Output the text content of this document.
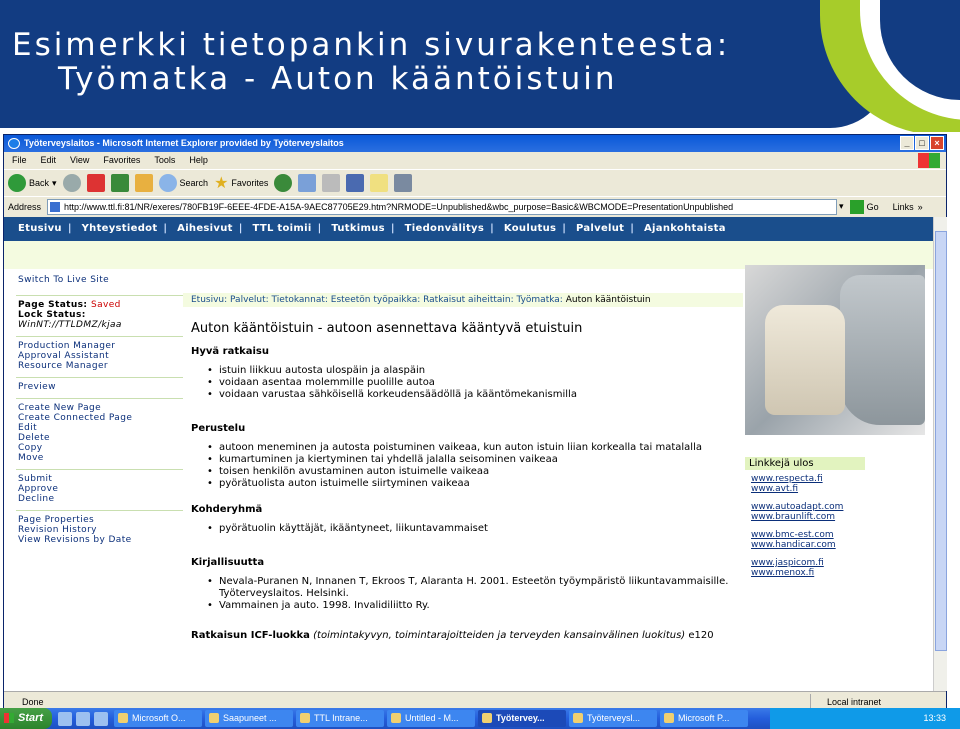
Esimerkki tietopankin sivurakenteesta:
Työmatka - Auton kääntöistuin
Työterveyslaitos - Microsoft Internet Explorer provided by Työterveyslaitos	_	□	×
File	Edit	View	Favorites	Tools	Help
Back ▾	Search ★ Favorites
Address	http://www.ttl.fi:81/NR/exeres/780FB19F-6EEE-4FDE-A15A-9AEC87705E29.htm?NRMODE=Unpublished&wbc_purpose=Basic&WBCMODE=PresentationUnpublished	▾	Go Links »
Etusivu | Yhteystiedot | Aihesivut | TTL toimii | Tutkimus | Tiedonvälitys | Koulutus | Palvelut | Ajankohtaista
Switch To Live Site
Page Status: Saved
Lock Status:
WinNT://TTLDMZ/kjaa
Production Manager
Approval Assistant
Resource Manager
Preview
Create New Page
Create Connected Page
Edit
Delete
Copy
Move
Submit
Approve
Decline
Page Properties
Revision History
View Revisions by Date
Etusivu: Palvelut: Tietokannat: Esteetön työpaikka: Ratkaisut aiheittain: Työmatka: Auton kääntöistuin
Auton kääntöistuin - autoon asennettava kääntyvä etuistuin
Hyvä ratkaisu
• istuin liikkuu autosta ulospäin ja alaspäin
• voidaan asentaa molemmille puolille autoa
• voidaan varustaa sähköisellä korkeudensäädöllä ja kääntömekanismilla
Perustelu
• autoon meneminen ja autosta poistuminen vaikeaa, kun auton istuin liian korkealla tai matalalla
• kumartuminen ja kiertyminen tai yhdellä jalalla seisominen vaikeaa
• toisen henkilön avustaminen auton istuimelle vaikeaa
• pyörätuolista auton istuimelle siirtyminen vaikeaa
Kohderyhmä
• pyörätuolin käyttäjät, ikääntyneet, liikuntavammaiset
Kirjallisuutta
• Nevala-Puranen N, Innanen T, Ekroos T, Alaranta H. 2001. Esteetön työympäristö liikuntavammaisille. Työterveyslaitos. Helsinki.
• Vammainen ja auto. 1998. Invalidiliitto Ry.
Ratkaisun ICF-luokka (toimintakyvyn, toimintarajoitteiden ja terveyden kansainvälinen luokitus) e120
Linkkejä ulos
www.respecta.fi
www.avt.fi
www.autoadapt.com
www.braunlift.com
www.bmc-est.com
www.handicar.com
www.jaspicom.fi
www.menox.fi
Done	Local intranet
Start	Microsoft O...	Saapuneet ...	TTL Intrane...	Untitled - M...	Työtervey...	Työterveysl...	Microsoft P...	13:33
